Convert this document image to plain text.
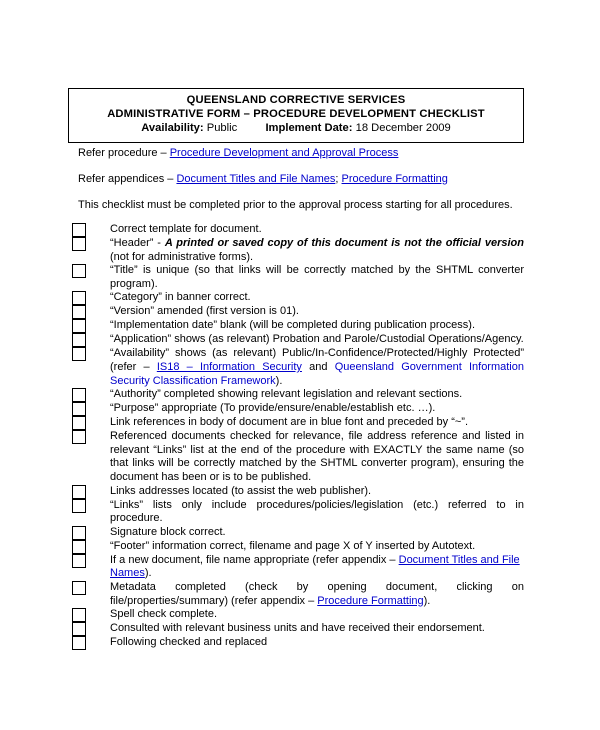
QUEENSLAND CORRECTIVE SERVICES
ADMINISTRATIVE FORM – PROCEDURE DEVELOPMENT CHECKLIST
Availability: Public	Implement Date: 18 December 2009
Refer procedure – Procedure Development and Approval Process
Refer appendices – Document Titles and File Names; Procedure Formatting
This checklist must be completed prior to the approval process starting for all procedures.
Correct template for document.
“Header” - A printed or saved copy of this document is not the official version (not for administrative forms).
“Title” is unique (so that links will be correctly matched by the SHTML converter program).
“Category” in banner correct.
“Version” amended (first version is 01).
“Implementation date” blank (will be completed during publication process).
“Application” shows (as relevant) Probation and Parole/Custodial Operations/Agency.
“Availability” shows (as relevant) Public/In-Confidence/Protected/Highly Protected” (refer – IS18 – Information Security and Queensland Government Information Security Classification Framework).
“Authority” completed showing relevant legislation and relevant sections.
“Purpose” appropriate (To provide/ensure/enable/establish etc. …).
Link references in body of document are in blue font and preceded by “~”.
Referenced documents checked for relevance, file address reference and listed in relevant “Links” list at the end of the procedure with EXACTLY the same name (so that links will be correctly matched by the SHTML converter program), ensuring the document has been or is to be published.
Links addresses located (to assist the web publisher).
“Links” lists only include procedures/policies/legislation (etc.) referred to in procedure.
Signature block correct.
“Footer” information correct, filename and page X of Y inserted by Autotext.
If a new document, file name appropriate (refer appendix – Document Titles and File Names).
Metadata completed (check by opening document, clicking on file/properties/summary) (refer appendix – Procedure Formatting).
Spell check complete.
Consulted with relevant business units and have received their endorsement.
Following checked and replaced
